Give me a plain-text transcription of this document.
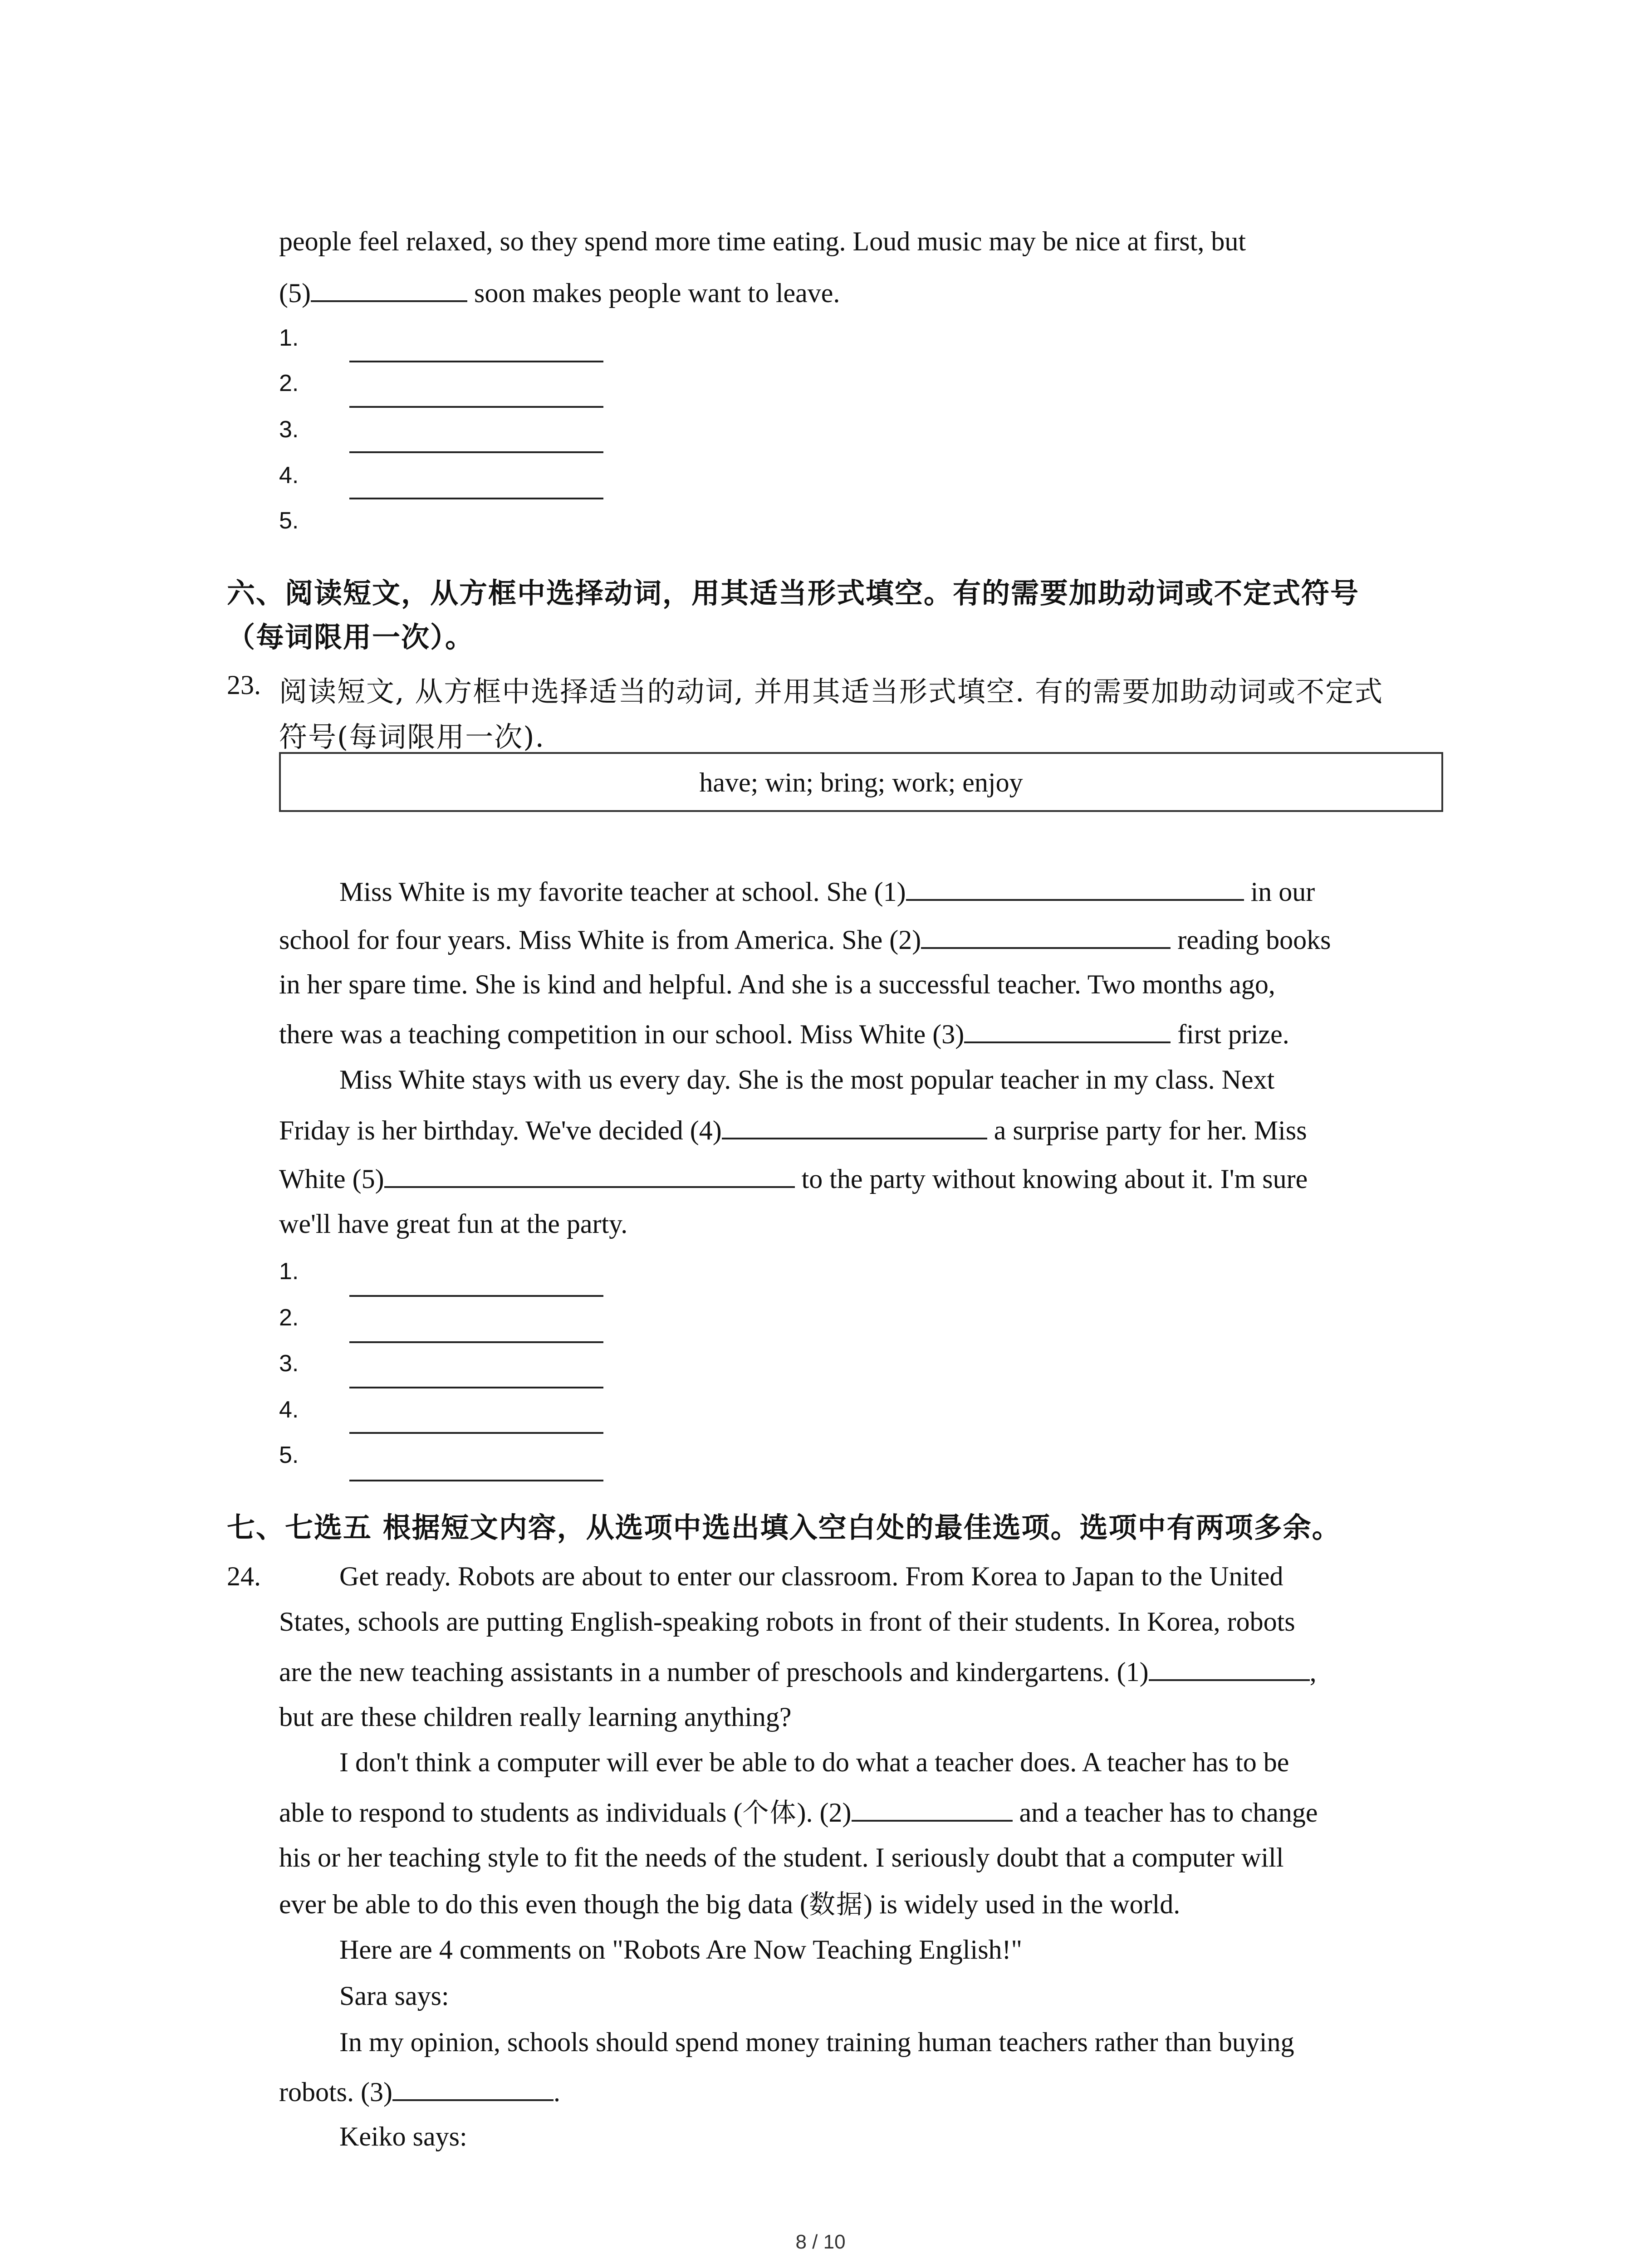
people feel relaxed, so they spend more time eating. Loud music may be nice at first, but
(5)	soon makes people want to leave.
1.
2.
3.
4.
5.
六、阅读短文，从方框中选择动词，用其适当形式填空。有的需要加助动词或不定式符号
（每词限用一次）。
23. 阅读短文, 从方框中选择适当的动词, 并用其适当形式填空. 有的需要加助动词或不定式
符号(每词限用一次).
have; win; bring; work; enjoy
Miss White is my favorite teacher at school. She (1)	in our
school for four years. Miss White is from America. She (2)	reading books
in her spare time. She is kind and helpful. And she is a successful teacher. Two months ago,
there was a teaching competition in our school. Miss White (3)	first prize.
Miss White stays with us every day. She is the most popular teacher in my class. Next
Friday is her birthday. We've decided (4)	a surprise party for her. Miss
White (5)	to the party without knowing about it. I'm sure
we'll have great fun at the party.
1.
2.
3.
4.
5.
七、七选五 根据短文内容，从选项中选出填入空白处的最佳选项。选项中有两项多余。
24.	Get ready. Robots are about to enter our classroom. From Korea to Japan to the United
States, schools are putting English-speaking robots in front of their students. In Korea, robots
are the new teaching assistants in a number of preschools and kindergartens. (1)	,
but are these children really learning anything?
I don't think a computer will ever be able to do what a teacher does. A teacher has to be
able to respond to students as individuals (个体). (2)	and a teacher has to change
his or her teaching style to fit the needs of the student. I seriously doubt that a computer will
ever be able to do this even though the big data (数据) is widely used in the world.
Here are 4 comments on "Robots Are Now Teaching English!"
Sara says:
In my opinion, schools should spend money training human teachers rather than buying
robots. (3)	.
Keiko says:
8 / 10
